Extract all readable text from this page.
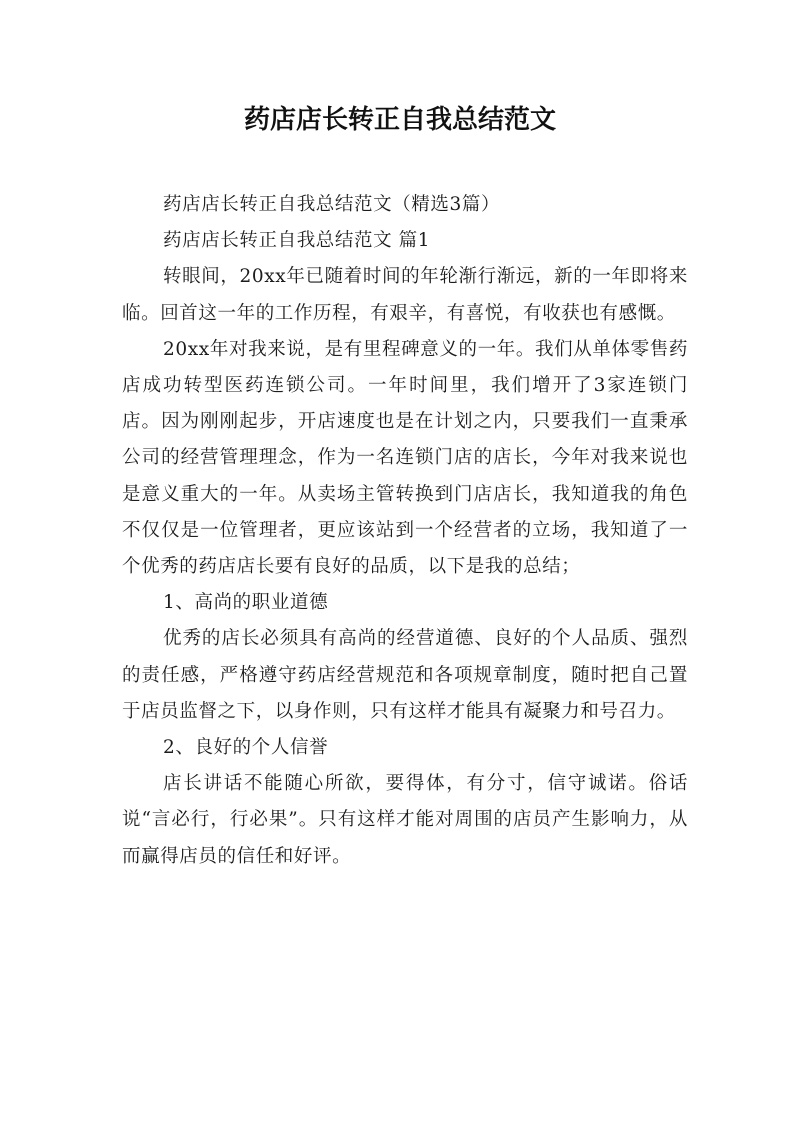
药店店长转正自我总结范文

药店店长转正自我总结范文（精选3篇）

药店店长转正自我总结范文 篇1

转眼间，20xx年已随着时间的年轮渐行渐远，新的一年即将来临。回首这一年的工作历程，有艰辛，有喜悦，有收获也有感慨。

20xx年对我来说，是有里程碑意义的一年。我们从单体零售药店成功转型医药连锁公司。一年时间里，我们增开了3家连锁门店。因为刚刚起步，开店速度也是在计划之内，只要我们一直秉承公司的经营管理理念，作为一名连锁门店的店长，今年对我来说也是意义重大的一年。从卖场主管转换到门店店长，我知道我的角色不仅仅是一位管理者，更应该站到一个经营者的立场，我知道了一个优秀的药店店长要有良好的品质，以下是我的总结；

1、高尚的职业道德

优秀的店长必须具有高尚的经营道德、良好的个人品质、强烈的责任感，严格遵守药店经营规范和各项规章制度，随时把自己置于店员监督之下，以身作则，只有这样才能具有凝聚力和号召力。

2、良好的个人信誉

店长讲话不能随心所欲，要得体，有分寸，信守诚诺。俗话说“言必行，行必果”。只有这样才能对周围的店员产生影响力，从而赢得店员的信任和好评。
